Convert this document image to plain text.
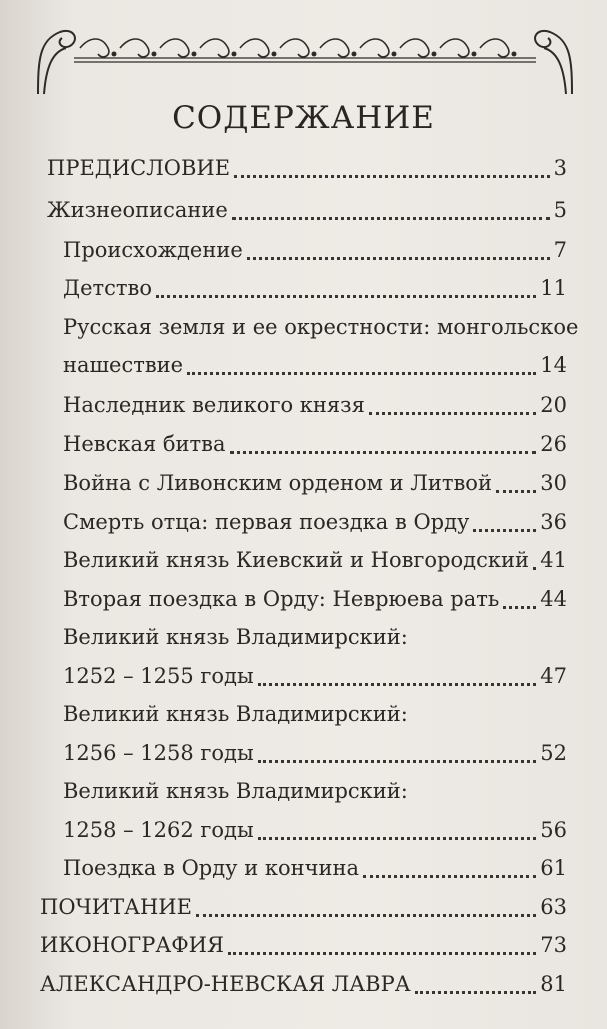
СОДЕРЖАНИЕ
ПРЕДИСЛОВИЕ	3
Жизнеописание	5
Происхождение	7
Детство	11
Русская земля и ее окрестности: монгольское
нашествие	14
Наследник великого князя	20
Невская битва	26
Война с Ливонским орденом и Литвой 30
Смерть отца: первая поездка в Орду	36
Великий князь Киевский и Новгородский 41
Вторая поездка в Орду: Неврюева рать 44
Великий князь Владимирский:
1252 – 1255 годы	47
Великий князь Владимирский:
1256 – 1258 годы	52
Великий князь Владимирский:
1258 – 1262 годы	56
Поездка в Орду и кончина	61
ПОЧИТАНИЕ	63
ИКОНОГРАФИЯ	73
АЛЕКСАНДРО-НЕВСКАЯ ЛАВРА	81
